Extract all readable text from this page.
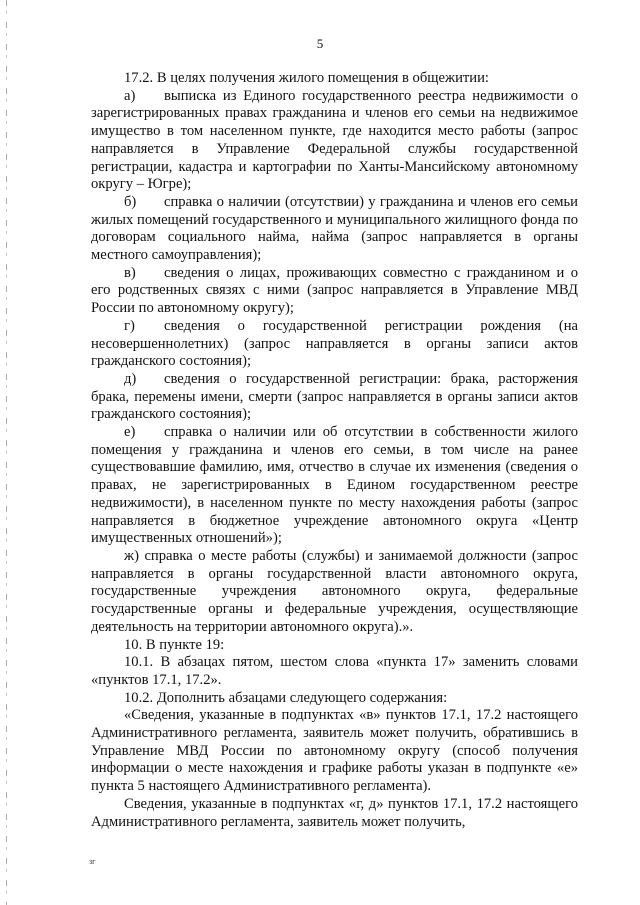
5

17.2. В целях получения жилого помещения в общежитии:

а) выписка из Единого государственного реестра недвижимости о зарегистрированных правах гражданина и членов его семьи на недвижимое имущество в том населенном пункте, где находится место работы (запрос направляется в Управление Федеральной службы государственной регистрации, кадастра и картографии по Ханты-Мансийскому автономному округу – Югре);

б) справка о наличии (отсутствии) у гражданина и членов его семьи жилых помещений государственного и муниципального жилищного фонда по договорам социального найма, найма (запрос направляется в органы местного самоуправления);

в) сведения о лицах, проживающих совместно с гражданином и о его родственных связях с ними (запрос направляется в Управление МВД России по автономному округу);

г) сведения о государственной регистрации рождения (на несовершеннолетних) (запрос направляется в органы записи актов гражданского состояния);

д) сведения о государственной регистрации: брака, расторжения брака, перемены имени, смерти (запрос направляется в органы записи актов гражданского состояния);

е) справка о наличии или об отсутствии в собственности жилого помещения у гражданина и членов его семьи, в том числе на ранее существовавшие фамилию, имя, отчество в случае их изменения (сведения о правах, не зарегистрированных в Едином государственном реестре недвижимости), в населенном пункте по месту нахождения работы (запрос направляется в бюджетное учреждение автономного округа «Центр имущественных отношений»);

ж) справка о месте работы (службы) и занимаемой должности (запрос направляется в органы государственной власти автономного округа, государственные учреждения автономного округа, федеральные государственные органы и федеральные учреждения, осуществляющие деятельность на территории автономного округа).».

10. В пункте 19:

10.1. В абзацах пятом, шестом слова «пункта 17» заменить словами «пунктов 17.1, 17.2».

10.2. Дополнить абзацами следующего содержания:

«Сведения, указанные в подпунктах «в» пунктов 17.1, 17.2 настоящего Административного регламента, заявитель может получить, обратившись в Управление МВД России по автономному округу (способ получения информации о месте нахождения и графике работы указан в подпункте «е» пункта 5 настоящего Административного регламента).

Сведения, указанные в подпунктах «г, д» пунктов 17.1, 17.2 настоящего Административного регламента, заявитель может получить,

зг
